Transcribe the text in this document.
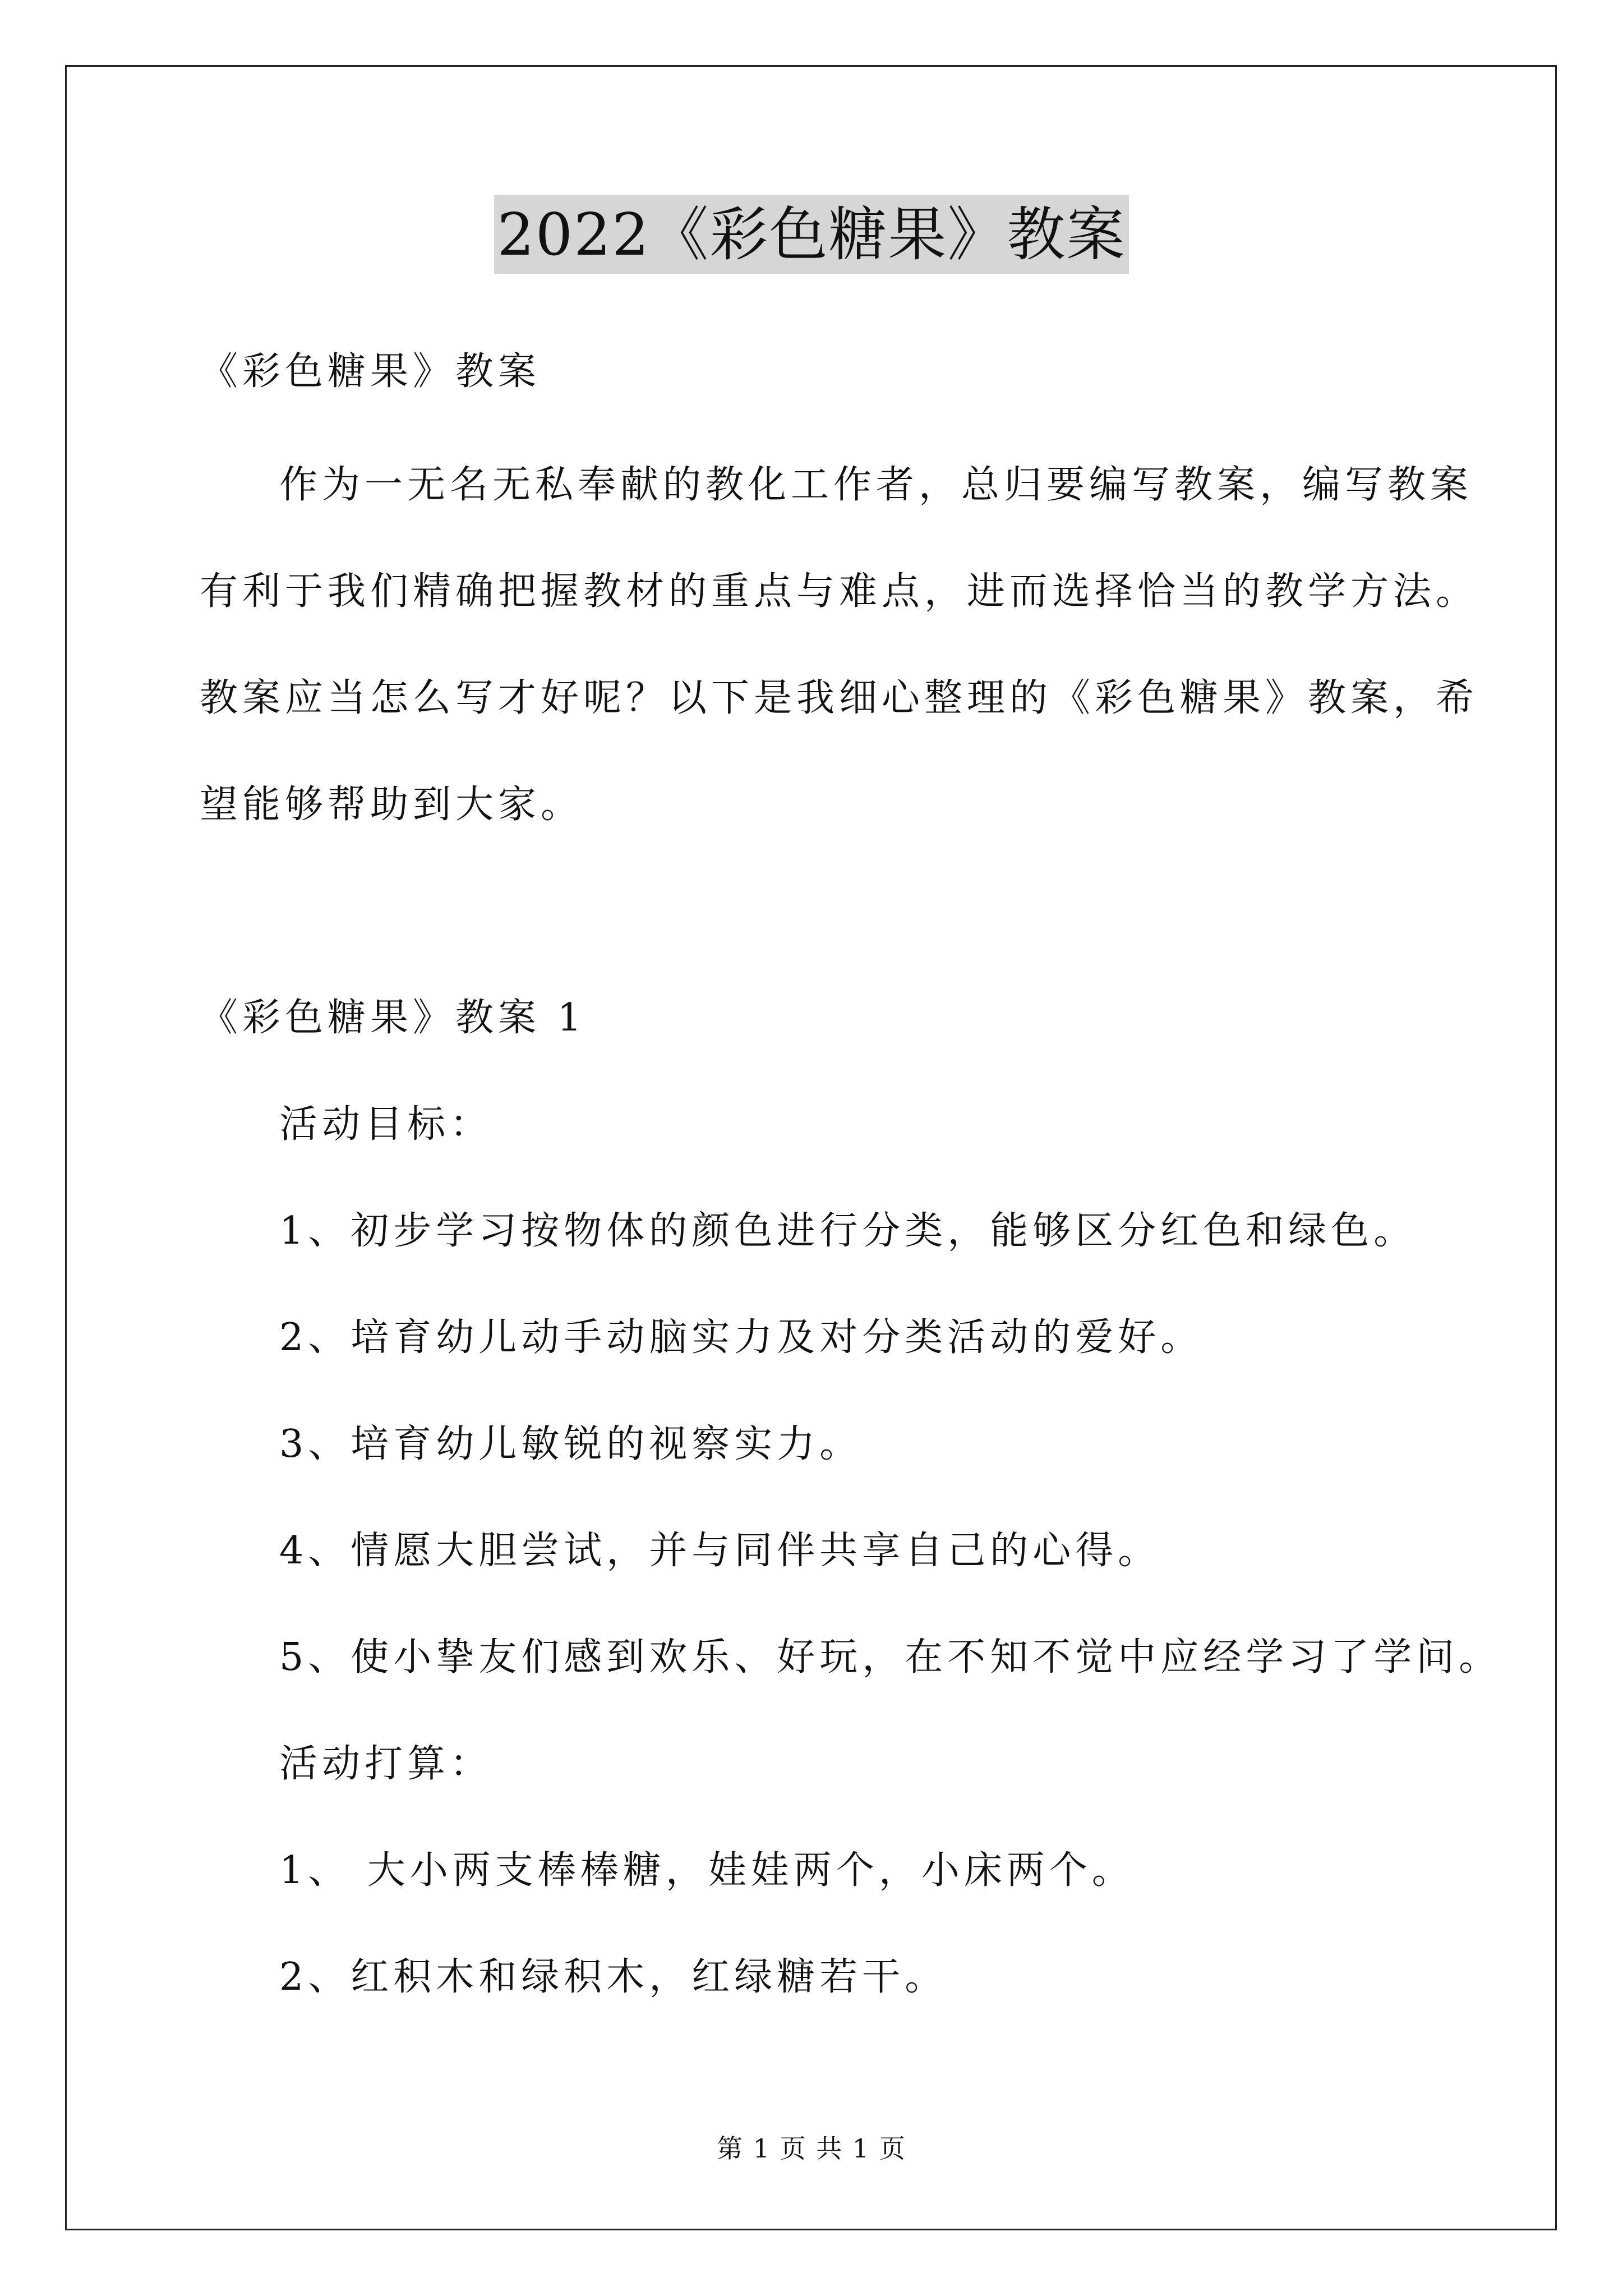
2022《彩色糖果》教案
《彩色糖果》教案
作为一无名无私奉献的教化工作者，总归要编写教案，编写教案
有利于我们精确把握教材的重点与难点，进而选择恰当的教学方法。
教案应当怎么写才好呢？以下是我细心整理的《彩色糖果》教案，希
望能够帮助到大家。
《彩色糖果》教案 1
活动目标：
1、初步学习按物体的颜色进行分类，能够区分红色和绿色。
2、培育幼儿动手动脑实力及对分类活动的爱好。
3、培育幼儿敏锐的视察实力。
4、情愿大胆尝试，并与同伴共享自己的心得。
5、使小挚友们感到欢乐、好玩，在不知不觉中应经学习了学问。
活动打算：
1、 大小两支棒棒糖，娃娃两个，小床两个。
2、红积木和绿积木，红绿糖若干。
第 1 页 共 1 页
